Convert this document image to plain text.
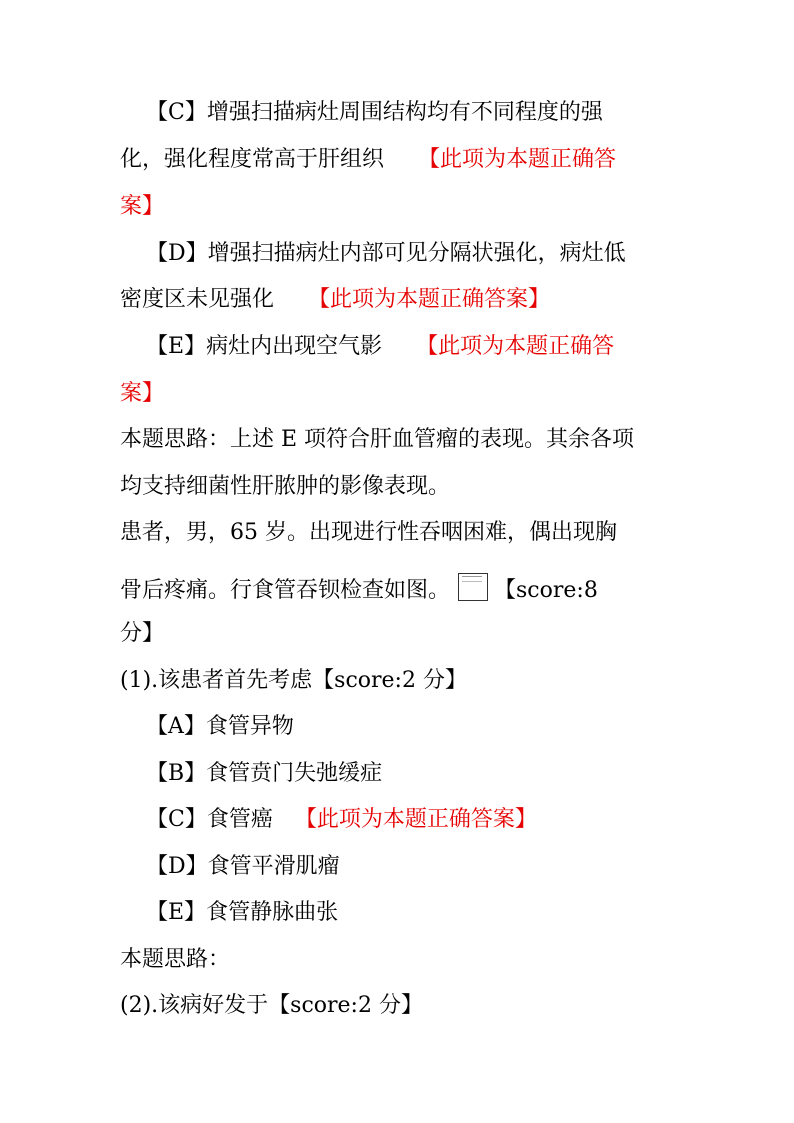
【C】增强扫描病灶周围结构均有不同程度的强
化，强化程度常高于肝组织 【此项为本题正确答
案】
【D】增强扫描病灶内部可见分隔状强化，病灶低
密度区未见强化 【此项为本题正确答案】
【E】病灶内出现空气影 【此项为本题正确答
案】
本题思路：上述 E 项符合肝血管瘤的表现。其余各项
均支持细菌性肝脓肿的影像表现。
患者，男，65 岁。出现进行性吞咽困难，偶出现胸
骨后疼痛。行食管吞钡检查如图。 【score:8
分】
(1).该患者首先考虑【score:2 分】
【A】食管异物
【B】食管贲门失弛缓症
【C】食管癌 【此项为本题正确答案】
【D】食管平滑肌瘤
【E】食管静脉曲张
本题思路：
(2).该病好发于【score:2 分】
